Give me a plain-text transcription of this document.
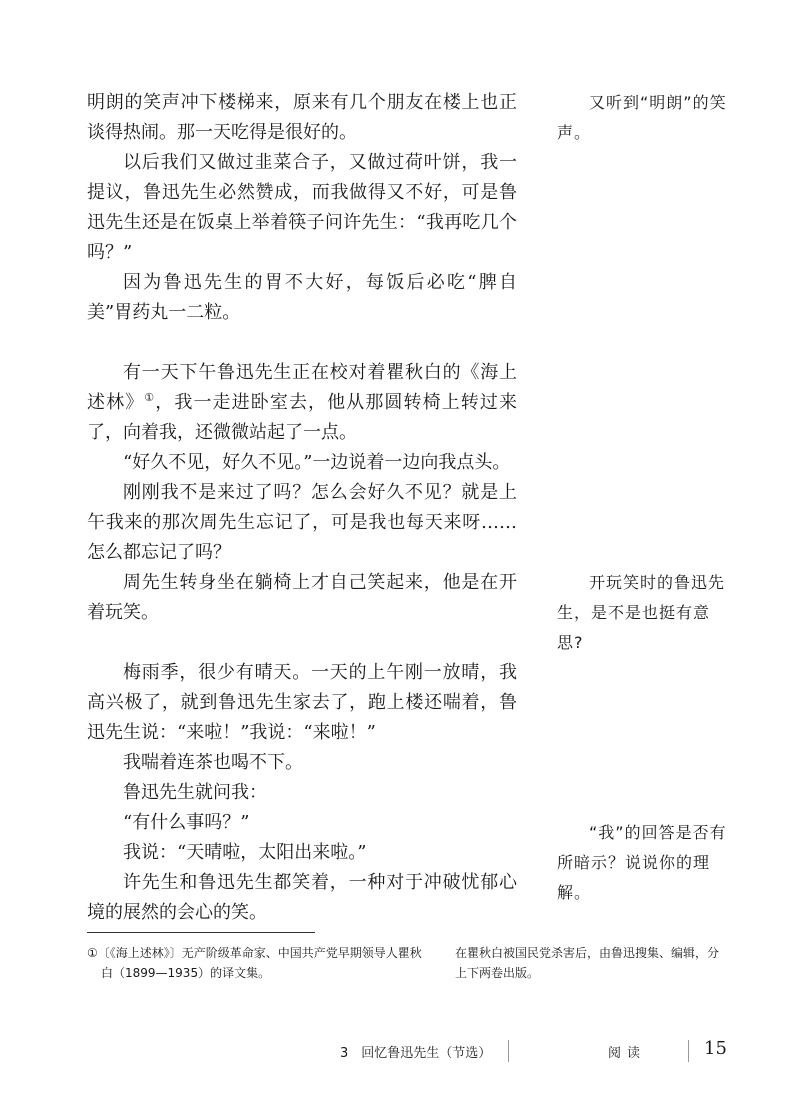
明朗的笑声冲下楼梯来，原来有几个朋友在楼上也正谈得热闹。那一天吃得是很好的。

以后我们又做过韭菜合子，又做过荷叶饼，我一提议，鲁迅先生必然赞成，而我做得又不好，可是鲁迅先生还是在饭桌上举着筷子问许先生：“我再吃几个吗？”

因为鲁迅先生的胃不大好，每饭后必吃“脾自美”胃药丸一二粒。

有一天下午鲁迅先生正在校对着瞿秋白的《海上述林》①，我一走进卧室去，他从那圆转椅上转过来了，向着我，还微微站起了一点。

“好久不见，好久不见。”一边说着一边向我点头。

刚刚我不是来过了吗？怎么会好久不见？就是上午我来的那次周先生忘记了，可是我也每天来呀……怎么都忘记了吗？

周先生转身坐在躺椅上才自己笑起来，他是在开着玩笑。

梅雨季，很少有晴天。一天的上午刚一放晴，我高兴极了，就到鲁迅先生家去了，跑上楼还喘着，鲁迅先生说：“来啦！”我说：“来啦！”

我喘着连茶也喝不下。

鲁迅先生就问我：

“有什么事吗？”

我说：“天晴啦，太阳出来啦。”

许先生和鲁迅先生都笑着，一种对于冲破忧郁心境的展然的会心的笑。

又听到“明朗”的笑声。

开玩笑时的鲁迅先生，是不是也挺有意思?

“我”的回答是否有所暗示？说说你的理解。

①〔《海上述林》〕无产阶级革命家、中国共产党早期领导人瞿秋白（1899—1935）的译文集。
在瞿秋白被国民党杀害后，由鲁迅搜集、编辑，分上下两卷出版。
3　回忆鲁迅先生（节选）	阅读	15
